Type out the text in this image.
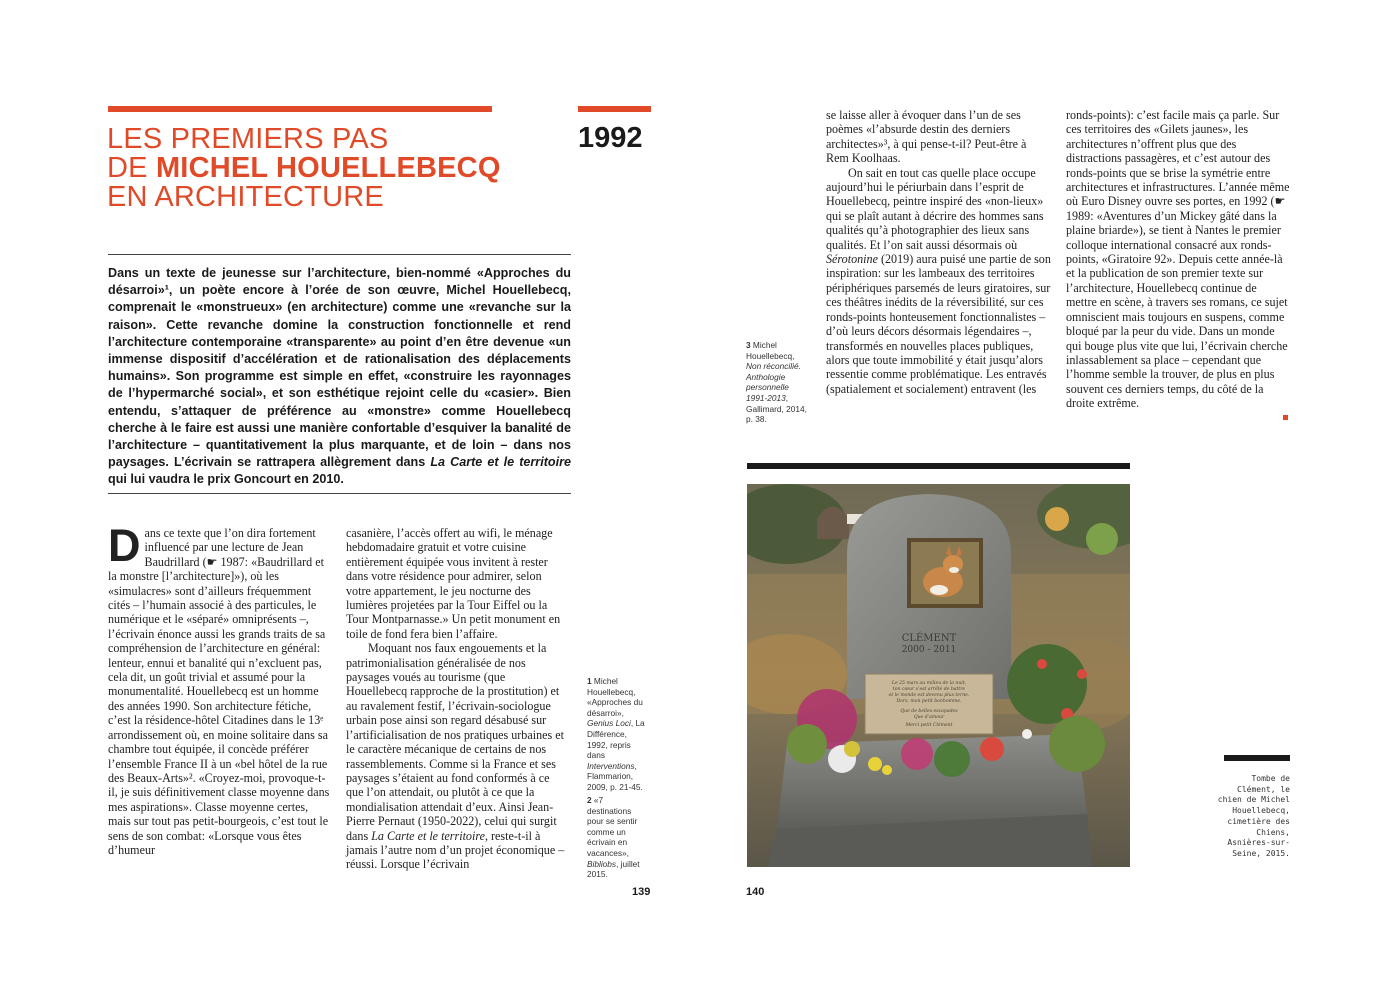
LES PREMIERS PAS
DE MICHEL HOUELLEBECQ
EN ARCHITECTURE
1992
Dans un texte de jeunesse sur l’architecture, bien-nommé «Approches du désarroi»¹, un poète encore à l’orée de son œuvre, Michel Houellebecq, comprenait le «monstrueux» (en architecture) comme une «revanche sur la raison». Cette revanche domine la construction fonctionnelle et rend l’architecture contemporaine «transparente» au point d’en être devenue «un immense dispositif d’accélération et de rationalisation des déplacements humains». Son programme est simple en effet, «construire les rayonnages de l’hypermarché social», et son esthétique rejoint celle du «casier». Bien entendu, s’attaquer de préférence au «monstre» comme Houellebecq cherche à le faire est aussi une manière confortable d’esquiver la banalité de l’architecture – quantitativement la plus marquante, et de loin – dans nos paysages. L’écrivain se rattrapera allègrement dans La Carte et le territoire qui lui vaudra le prix Goncourt en 2010.

Dans ce texte que l’on dira fortement influencé par une lecture de Jean Baudrillard (☛ 1987: «Baudrillard et la monstre [l’architecture]»), où les «simulacres» sont d’ailleurs fréquemment cités – l’humain associé à des particules, le numérique et le «séparé» omniprésents –, l’écrivain énonce aussi les grands traits de sa compréhension de l’architecture en général: lenteur, ennui et banalité qui n’excluent pas, cela dit, un goût trivial et assumé pour la monumentalité. Houellebecq est un homme des années 1990. Son architecture fétiche, c’est la résidence-hôtel Citadines dans le 13ᵉ arrondissement où, en moine solitaire dans sa chambre tout équipée, il concède préférer l’ensemble France II à un «bel hôtel de la rue des Beaux-Arts»². «Croyez-moi, provoque-t-il, je suis définitivement classe moyenne dans mes aspirations». Classe moyenne certes, mais sur tout pas petit-bourgeois, c’est tout le sens de son combat: «Lorsque vous êtes d’humeur

casanière, l’accès offert au wifi, le ménage hebdomadaire gratuit et votre cuisine entièrement équipée vous invitent à rester dans votre résidence pour admirer, selon votre appartement, le jeu nocturne des lumières projetées par la Tour Eiffel ou la Tour Montparnasse.» Un petit monument en toile de fond fera bien l’affaire.

Moquant nos faux engouements et la patrimonialisation généralisée de nos paysages voués au tourisme (que Houellebecq rapproche de la prostitution) et au ravalement festif, l’écrivain-sociologue urbain pose ainsi son regard désabusé sur l’artificialisation de nos pratiques urbaines et le caractère mécanique de certains de nos rassemblements. Comme si la France et ses paysages s’étaient au fond conformés à ce que l’on attendait, ou plutôt à ce que la mondialisation attendait d’eux. Ainsi Jean-Pierre Pernaut (1950-2022), celui qui surgit dans La Carte et le territoire, reste-t-il à jamais l’autre nom d’un projet économique – réussi. Lorsque l’écrivain

1 Michel Houellebecq, «Approches du désarroi», Genius Loci, La Différence, 1992, repris dans Interventions, Flammarion, 2009, p. 21-45.
2 «7 destinations pour se sentir comme un écrivain en vacances», Bibliobs, juillet 2015.
139
3 Michel Houellebecq, Non réconcilié. Anthologie personnelle 1991-2013, Gallimard, 2014, p. 38.

se laisse aller à évoquer dans l’un de ses poèmes «l’absurde destin des derniers architectes»³, à qui pense-t-il? Peut-être à Rem Koolhaas.

On sait en tout cas quelle place occupe aujourd’hui le périurbain dans l’esprit de Houellebecq, peintre inspiré des «non-lieux» qui se plaît autant à décrire des hommes sans qualités qu’à photographier des lieux sans qualités. Et l’on sait aussi désormais où Sérotonine (2019) aura puisé une partie de son inspiration: sur les lambeaux des territoires périphériques parsemés de leurs giratoires, sur ces théâtres inédits de la réversibilité, sur ces ronds-points honteusement fonctionnalistes – d’où leurs décors désormais légendaires –, transformés en nouvelles places publiques, alors que toute immobilité y était jusqu’alors ressentie comme problématique. Les entravés (spatialement et socialement) entravent (les

ronds-points): c’est facile mais ça parle. Sur ces territoires des «Gilets jaunes», les architectures n’offrent plus que des distractions passagères, et c’est autour des ronds-points que se brise la symétrie entre architectures et infrastructures. L’année même où Euro Disney ouvre ses portes, en 1992 (☛ 1989: «Aventures d’un Mickey gâté dans la plaine briarde»), se tient à Nantes le premier colloque international consacré aux ronds-points, «Giratoire 92». Depuis cette année-là et la publication de son premier texte sur l’architecture, Houellebecq continue de mettre en scène, à travers ses romans, ce sujet omniscient mais toujours en suspens, comme bloqué par la peur du vide. Dans un monde qui bouge plus vite que lui, l’écrivain cherche inlassablement sa place – cependant que l’homme semble la trouver, de plus en plus souvent ces derniers temps, du côté de la droite extrême.

CLÉMENT
2000 - 2011
Le 25 mars au milieu de la nuit,
ton cœur s’est arrêté de battre
et le monde est devenu plus terne.
Dors, mon petit bonhomme.
Que de belles escapades
Que d’amour
Merci petit Clément
Tombe de Clément, le chien de Michel Houellebecq, cimetière des Chiens, Asnières-sur-Seine, 2015.
140
